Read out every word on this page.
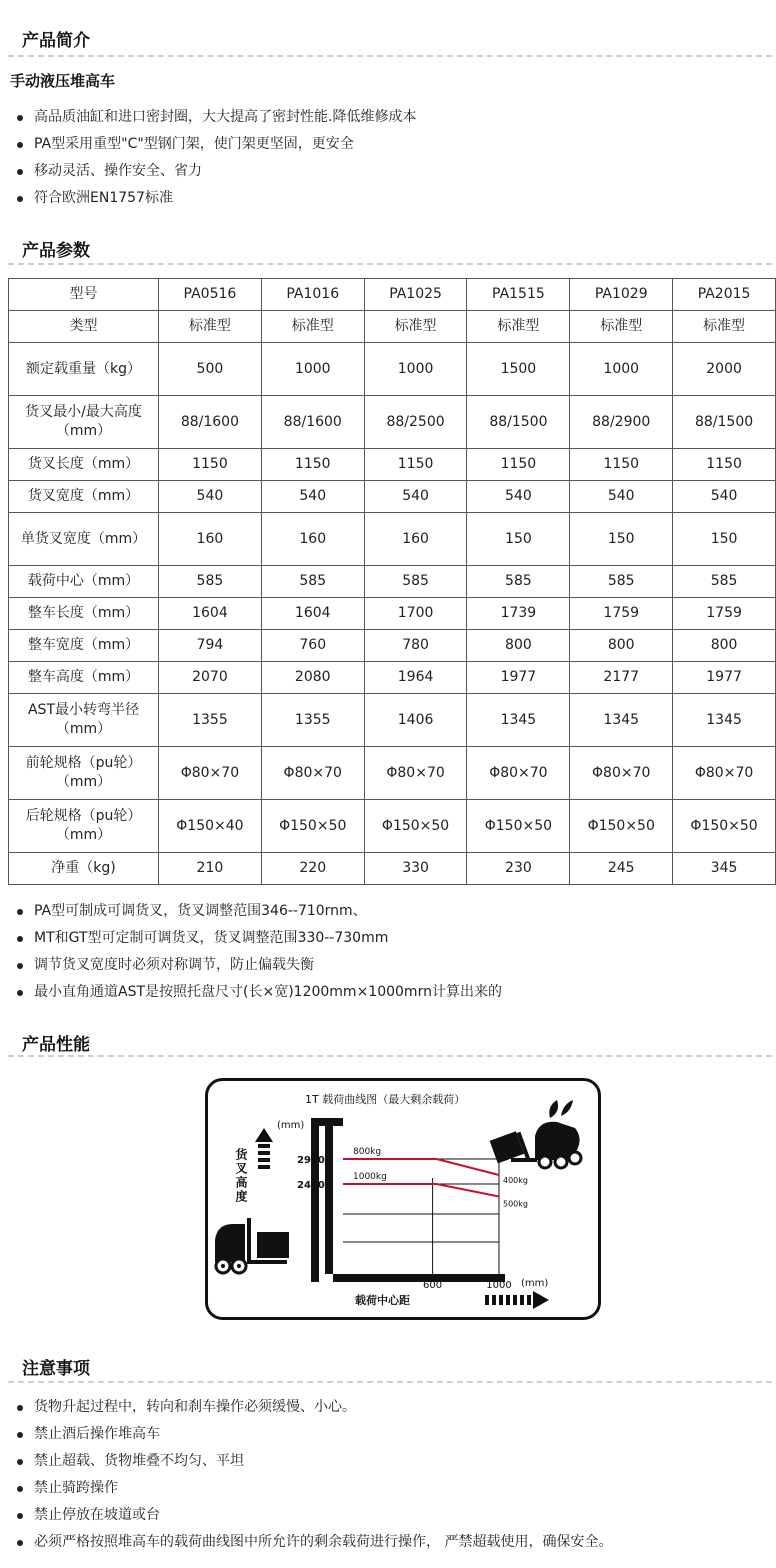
产品简介
手动液压堆高车
高品质油缸和进口密封圈，大大提高了密封性能.降低维修成本
PA型采用重型"C"型钢门架，使门架更坚固，更安全
移动灵活、操作安全、省力
符合欧洲EN1757标准
产品参数
型号	PA0516	PA1016	PA1025	PA1515	PA1029	PA2015
类型	标准型	标准型	标准型	标准型	标准型	标准型
额定载重量（kg）	500	1000	1000	1500	1000	2000
货叉最小/最大高度（mm）	88/1600	88/1600	88/2500	88/1500	88/2900	88/1500
货叉长度（mm）	1150	1150	1150	1150	1150	1150
货叉宽度（mm）	540	540	540	540	540	540
单货叉宽度（mm）	160	160	160	150	150	150
载荷中心（mm）	585	585	585	585	585	585
整车长度（mm）	1604	1604	1700	1739	1759	1759
整车宽度（mm）	794	760	780	800	800	800
整车高度（mm）	2070	2080	1964	1977	2177	1977
AST最小转弯半径（mm）	1355	1355	1406	1345	1345	1345
前轮规格（pu轮）（mm）	Φ80×70	Φ80×70	Φ80×70	Φ80×70	Φ80×70	Φ80×70
后轮规格（pu轮）（mm）	Φ150×40	Φ150×50	Φ150×50	Φ150×50	Φ150×50	Φ150×50
净重（kg)	210	220	330	230	245	345
PA型可制成可调货叉，货叉调整范围346--710rnm、
MT和GT型可定制可调货叉，货叉调整范围330--730mm
调节货叉宽度时必须对称调节，防止偏载失衡
最小直角通道AST是按照托盘尺寸(长×宽)1200mm×1000mrn计算出来的
产品性能
800kg
400kg
1000kg
500kg
1T 载荷曲线图（最大剩余载荷）
(mm)
货叉高度	2900
2400
600	1000 (mm)
载荷中心距
注意事项
货物升起过程中，转向和刹车操作必须缓慢、小心。
禁止酒后操作堆高车
禁止超载、货物堆叠不均匀、平坦
禁止骑跨操作
禁止停放在坡道或台
必须严格按照堆高车的载荷曲线图中所允许的剩余载荷进行操作， 严禁超载使用，确保安全。
